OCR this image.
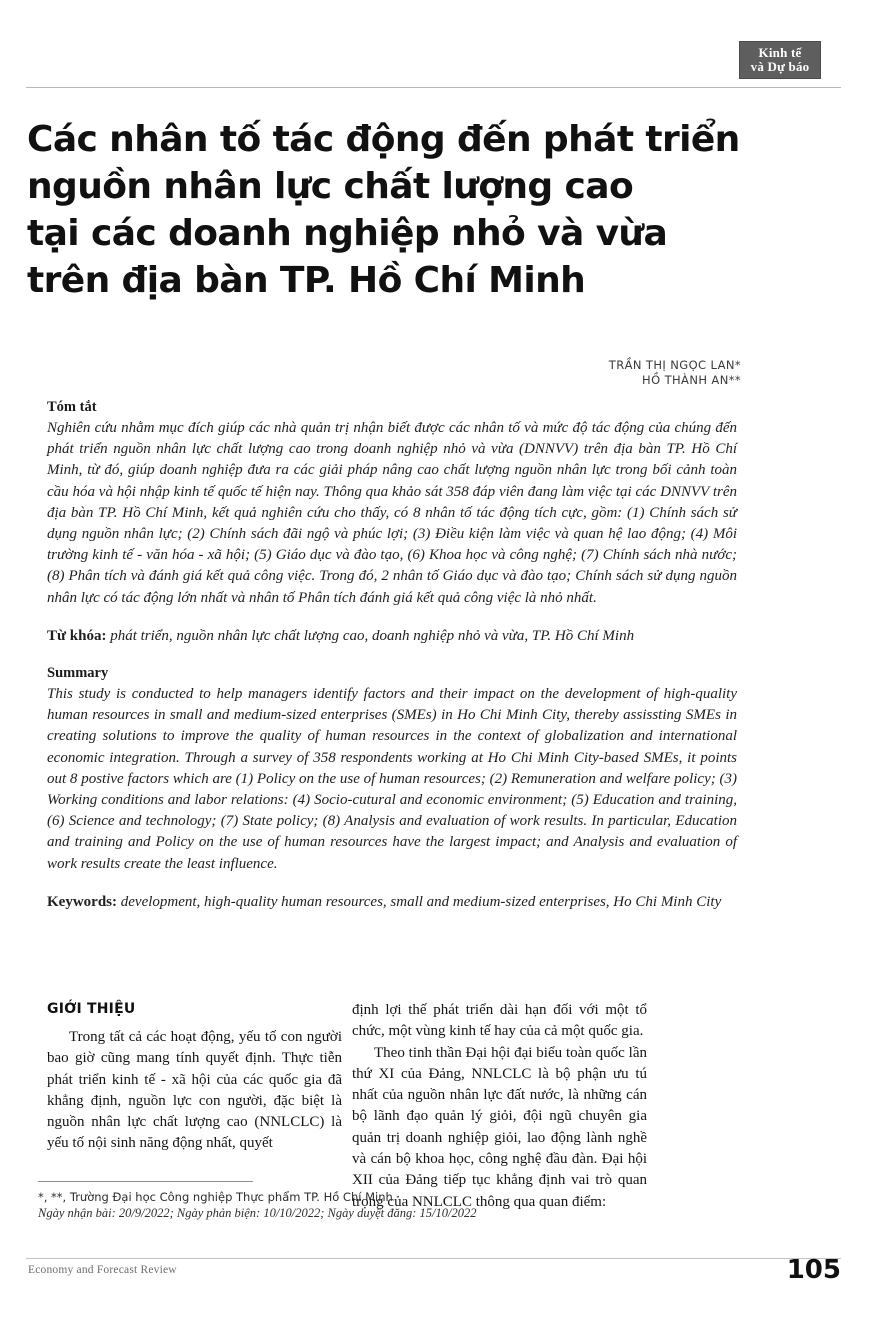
Kinh tế
và Dự báo
Các nhân tố tác động đến phát triển
nguồn nhân lực chất lượng cao
tại các doanh nghiệp nhỏ và vừa
trên địa bàn TP. Hồ Chí Minh
TRẦN THỊ NGỌC LAN*
HỒ THÀNH AN**
Tóm tắt
Nghiên cứu nhằm mục đích giúp các nhà quản trị nhận biết được các nhân tố và mức độ tác động của chúng đến phát triển nguồn nhân lực chất lượng cao trong doanh nghiệp nhỏ và vừa (DNNVV) trên địa bàn TP. Hồ Chí Minh, từ đó, giúp doanh nghiệp đưa ra các giải pháp nâng cao chất lượng nguồn nhân lực trong bối cảnh toàn cầu hóa và hội nhập kinh tế quốc tế hiện nay. Thông qua khảo sát 358 đáp viên đang làm việc tại các DNNVV trên địa bàn TP. Hồ Chí Minh, kết quả nghiên cứu cho thấy, có 8 nhân tố tác động tích cực, gồm: (1) Chính sách sử dụng nguồn nhân lực; (2) Chính sách đãi ngộ và phúc lợi; (3) Điều kiện làm việc và quan hệ lao động; (4) Môi trường kinh tế - văn hóa - xã hội; (5) Giáo dục và đào tạo, (6) Khoa học và công nghệ; (7) Chính sách nhà nước; (8) Phân tích và đánh giá kết quả công việc. Trong đó, 2 nhân tố Giáo dục và đào tạo; Chính sách sử dụng nguồn nhân lực có tác động lớn nhất và nhân tố Phân tích đánh giá kết quả công việc là nhỏ nhất.
Từ khóa: phát triển, nguồn nhân lực chất lượng cao, doanh nghiệp nhỏ và vừa, TP. Hồ Chí Minh
Summary
This study is conducted to help managers identify factors and their impact on the development of high-quality human resources in small and medium-sized enterprises (SMEs) in Ho Chi Minh City, thereby assissting SMEs in creating solutions to improve the quality of human resources in the context of globalization and international economic integration. Through a survey of 358 respondents working at Ho Chi Minh City-based SMEs, it points out 8 postive factors which are (1) Policy on the use of human resources; (2) Remuneration and welfare policy; (3) Working conditions and labor relations: (4) Socio-cutural and economic environment; (5) Education and training, (6) Science and technology; (7) State policy; (8) Analysis and evaluation of work results. In particular, Education and training and Policy on the use of human resources have the largest impact; and Analysis and evaluation of work results create the least influence.
Keywords: development, high-quality human resources, small and medium-sized enterprises, Ho Chi Minh City
GIỚI THIỆU

Trong tất cả các hoạt động, yếu tố con người bao giờ cũng mang tính quyết định. Thực tiễn phát triển kinh tế - xã hội của các quốc gia đã khẳng định, nguồn lực con người, đặc biệt là nguồn nhân lực chất lượng cao (NNLCLC) là yếu tố nội sinh năng động nhất, quyết

định lợi thế phát triển dài hạn đối với một tổ chức, một vùng kinh tế hay của cả một quốc gia.

Theo tinh thần Đại hội đại biểu toàn quốc lần thứ XI của Đảng, NNLCLC là bộ phận ưu tú nhất của nguồn nhân lực đất nước, là những cán bộ lãnh đạo quản lý giỏi, đội ngũ chuyên gia quản trị doanh nghiệp giỏi, lao động lành nghề và cán bộ khoa học, công nghệ đầu đàn. Đại hội XII của Đảng tiếp tục khẳng định vai trò quan trọng của NNLCLC thông qua quan điểm:

*, **, Trường Đại học Công nghiệp Thực phẩm TP. Hồ Chí Minh
Ngày nhận bài: 20/9/2022; Ngày phản biện: 10/10/2022; Ngày duyệt đăng: 15/10/2022
Economy and Forecast Review	105
